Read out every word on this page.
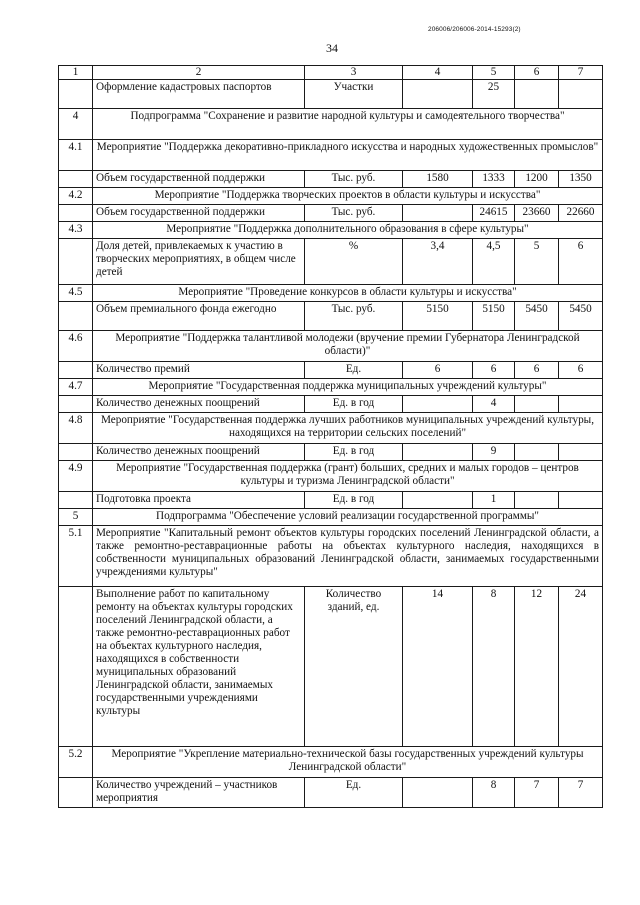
206006/206006-2014-15293(2)
34
1	2	3	4	5	6	7
	Оформление кадастровых паспортов	Участки		25		
4	Подпрограмма "Сохранение и развитие народной культуры и самодеятельного творчества"					
4.1	Мероприятие "Поддержка декоративно-прикладного искусства и народных художественных промыслов"					
	Объем государственной поддержки	Тыс. руб.	1580	1333	1200	1350
4.2	Мероприятие "Поддержка творческих проектов в области культуры и искусства"					
	Объем государственной поддержки	Тыс. руб.		24615	23660	22660
4.3	Мероприятие "Поддержка дополнительного образования в сфере культуры"					
	Доля детей, привлекаемых к участию в творческих мероприятиях, в общем числе детей	%	3,4	4,5	5	6
4.5	Мероприятие "Проведение конкурсов в области культуры и искусства"					
	Объем премиального фонда ежегодно	Тыс. руб.	5150	5150	5450	5450
4.6	Мероприятие "Поддержка талантливой молодежи (вручение премии Губернатора Ленинградской области)"					
	Количество премий	Ед.	6	6	6	6
4.7	Мероприятие "Государственная поддержка муниципальных учреждений культуры"					
	Количество денежных поощрений	Ед. в год		4		
4.8	Мероприятие "Государственная поддержка лучших работников муниципальных учреждений культуры, находящихся на территории сельских поселений"					
	Количество денежных поощрений	Ед. в год		9		
4.9	Мероприятие "Государственная поддержка (грант) больших, средних и малых городов – центров культуры и туризма Ленинградской области"					
	Подготовка проекта	Ед. в год		1		
5	Подпрограмма "Обеспечение условий реализации государственной программы"					
5.1	Мероприятие "Капитальный ремонт объектов культуры городских поселений Ленинградской области, а также ремонтно-реставрационные работы на объектах культурного наследия, находящихся в собственности муниципальных образований Ленинградской области, занимаемых государственными учреждениями культуры"					
	Выполнение работ по капитальному ремонту на объектах культуры городских поселений Ленинградской области, а также ремонтно-реставрационных работ на объектах культурного наследия, находящихся в собственности муниципальных образований Ленинградской области, занимаемых государственными учреждениями культуры	Количество зданий, ед.	14	8	12	24
5.2	Мероприятие "Укрепление материально-технической базы государственных учреждений культуры Ленинградской области"					
	Количество учреждений – участников мероприятия	Ед.		8	7	7
